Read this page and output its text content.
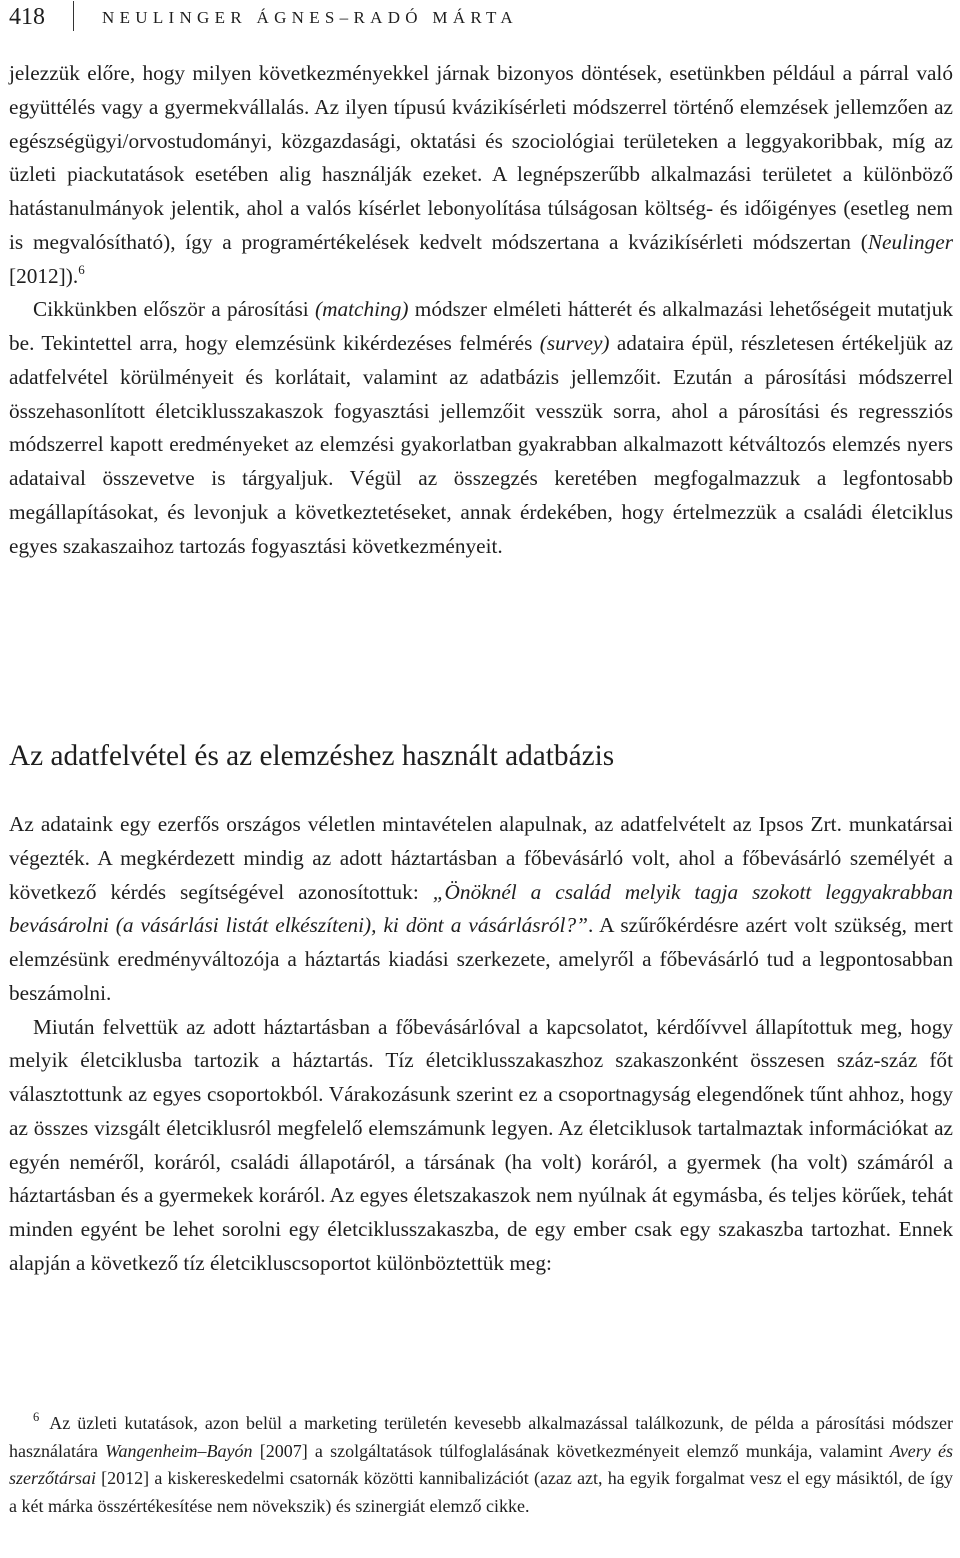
418	NEULINGER ÁGNES–RADÓ MÁRTA

jelezzük előre, hogy milyen következményekkel járnak bizonyos döntések, esetünkben például a párral való együttélés vagy a gyermekvállalás. Az ilyen típusú kvázikísérleti módszerrel történő elemzések jellemzően az egészségügyi/orvostudományi, közgazdasági, oktatási és szociológiai területeken a leggyakoribbak, míg az üzleti piackutatások esetében alig használják ezeket. A legnépszerűbb alkalmazási területet a különböző hatástanulmányok jelentik, ahol a valós kísérlet lebonyolítása túlságosan költség- és időigényes (esetleg nem is megvalósítható), így a programértékelések kedvelt módszertana a kvázikísérleti módszertan (Neulinger [2012]).$^6$

Cikkünkben először a párosítási (matching) módszer elméleti hátterét és alkalmazási lehetőségeit mutatjuk be. Tekintettel arra, hogy elemzésünk kikérdezéses felmérés (survey) adataira épül, részletesen értékeljük az adatfelvétel körülményeit és korlátait, valamint az adatbázis jellemzőit. Ezután a párosítási módszerrel összehasonlított életciklusszakaszok fogyasztási jellemzőit vesszük sorra, ahol a párosítási és regressziós módszerrel kapott eredményeket az elemzési gyakorlatban gyakrabban alkalmazott kétváltozós elemzés nyers adataival összevetve is tárgyaljuk. Végül az összegzés keretében megfogalmazzuk a legfontosabb megállapításokat, és levonjuk a következtetéseket, annak érdekében, hogy értelmezzük a családi életciklus egyes szakaszaihoz tartozás fogyasztási következményeit.

Az adatfelvétel és az elemzéshez használt adatbázis

Az adataink egy ezerfős országos véletlen mintavételen alapulnak, az adatfelvételt az Ipsos Zrt. munkatársai végezték. A megkérdezett mindig az adott háztartásban a főbevásárló volt, ahol a főbevásárló személyét a következő kérdés segítségével azonosítottuk: „Önöknél a család melyik tagja szokott leggyakrabban bevásárolni (a vásárlási listát elkészíteni), ki dönt a vásárlásról?”. A szűrőkérdésre azért volt szükség, mert elemzésünk eredményváltozója a háztartás kiadási szerkezete, amelyről a főbevásárló tud a legpontosabban beszámolni.

Miután felvettük az adott háztartásban a főbevásárlóval a kapcsolatot, kérdőívvel állapítottuk meg, hogy melyik életciklusba tartozik a háztartás. Tíz életciklusszakaszhoz szakaszonként összesen száz-száz főt választottunk az egyes csoportokból. Várakozásunk szerint ez a csoportnagyság elegendőnek tűnt ahhoz, hogy az összes vizsgált életciklusról megfelelő elemszámunk legyen. Az életciklusok tartalmaztak információkat az egyén neméről, koráról, családi állapotáról, a társának (ha volt) koráról, a gyermek (ha volt) számáról a háztartásban és a gyermekek koráról. Az egyes életszakaszok nem nyúlnak át egymásba, és teljes körűek, tehát minden egyént be lehet sorolni egy életciklusszakaszba, de egy ember csak egy szakaszba tartozhat. Ennek alapján a következő tíz életcikluscsoportot különböztettük meg:

$^6$ Az üzleti kutatások, azon belül a marketing területén kevesebb alkalmazással találkozunk, de példa a párosítási módszer használatára Wangenheim–Bayón [2007] a szolgáltatások túlfoglalásának következményeit elemző munkája, valamint Avery és szerzőtársai [2012] a kiskereskedelmi csatornák közötti kannibalizációt (azaz azt, ha egyik forgalmat vesz el egy másiktól, de így a két márka összértékesítése nem növekszik) és szinergiát elemző cikke.
